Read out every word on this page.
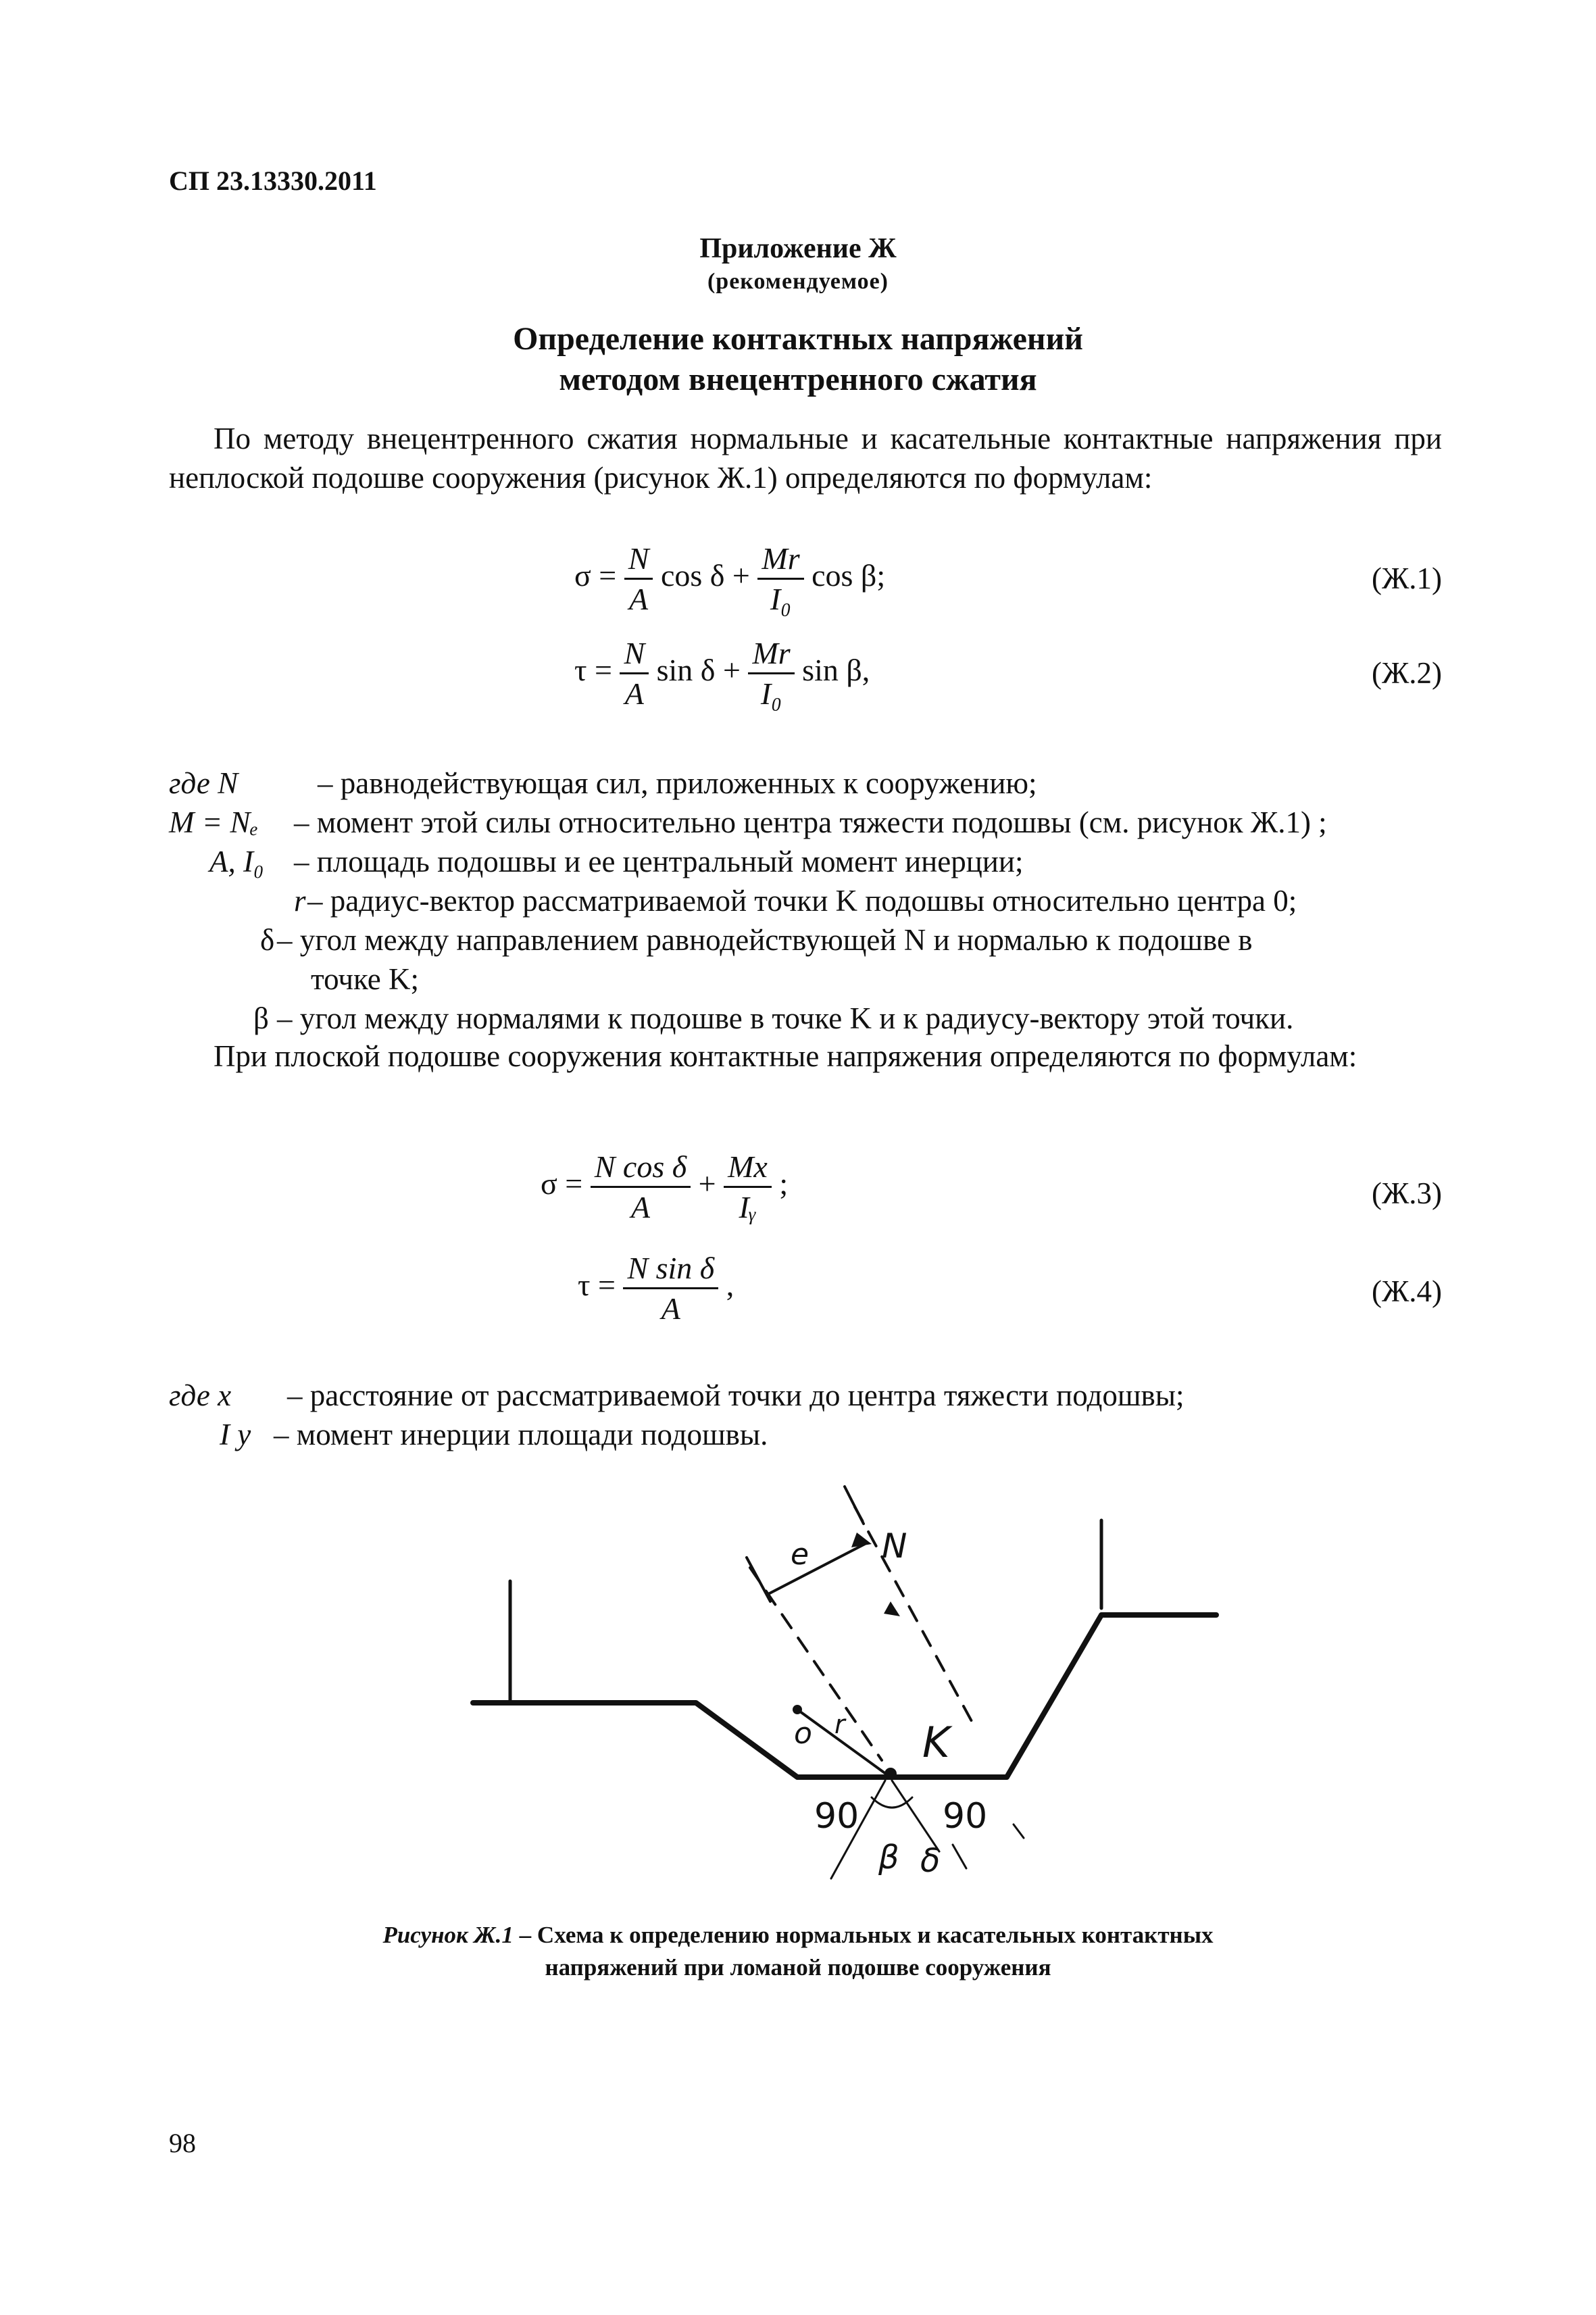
СП 23.13330.2011
Приложение Ж
(рекомендуемое)
Определение контактных напряжений
методом внецентренного сжатия
По методу внецентренного сжатия нормальные и касательные контактные напряжения при неплоской подошве сооружения (рисунок Ж.1) определяются по формулам:
$\sigma = \frac{N}{A}$ $\cos \delta + \frac{Mr}{\text{I₀}}$ cos β;	(Ж.1)
$\tau = \frac{N}{A}$ $\sin \delta + \frac{Mr}{\text{I₀}}$ sin β,	(Ж.2)
где N	– равнодействующая сил, приложенных к сооружению;
M = Nₑ – момент этой силы относительно центра тяжести подошвы (см. рисунок Ж.1) ;
A, I₀ – площадь подошвы и ее центральный момент инерции;
r – радиус-вектор рассматриваемой точки K подошвы относительно центра 0;
δ – угол между направлением равнодействующей N и нормалью к подошве в
точке K;
β – угол между нормалями к подошве в точке K и к радиусу-вектору этой точки.
При плоской подошве сооружения контактные напряжения определяются по формулам:
$\sigma = \frac{\text{N cos δ}}{A} + \frac{Mx}{\text{Iᵧ}}$ ;	(Ж.3)
$\tau = \frac{\text{N sin δ}}{A}$ ,	(Ж.4)
где x – расстояние от рассматриваемой точки до центра тяжести подошвы;
I y – момент инерции площади подошвы.
e N
o r K
90 90
β δ
Рисунок Ж.1 – Схема к определению нормальных и касательных контактных
напряжений при ломаной подошве сооружения
98
